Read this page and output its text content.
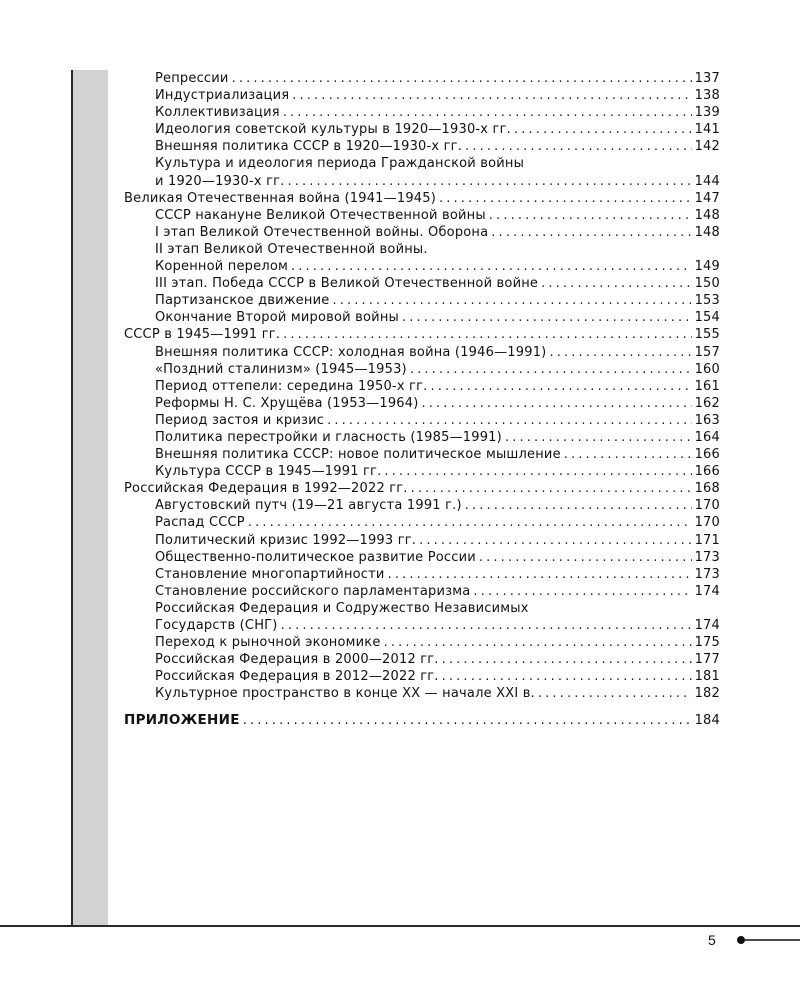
Репрессии . . .	137
Индустриализация . . .	138
Коллективизация . . .	139
Идеология советской культуры в 1920—1930-х гг. . . .	141
Внешняя политика СССР в 1920—1930-х гг. . . .	142
Культура и идеология периода Гражданской войны
и 1920—1930-х гг. . . .	144
Великая Отечественная война (1941—1945) . . .	147
СССР накануне Великой Отечественной войны . . .	148
I этап Великой Отечественной войны. Оборона . . .	148
II этап Великой Отечественной войны.
Коренной перелом . . .	149
III этап. Победа СССР в Великой Отечественной войне . . .	150
Партизанское движение . . .	153
Окончание Второй мировой войны . . .	154
СССР в 1945—1991 гг. . . .	155
Внешняя политика СССР: холодная война (1946—1991) . . .	157
«Поздний сталинизм» (1945—1953) . . .	160
Период оттепели: середина 1950-х гг. . . .	161
Реформы Н. С. Хрущёва (1953—1964) . . .	162
Период застоя и кризис . . .	163
Политика перестройки и гласность (1985—1991) . . .	164
Внешняя политика СССР: новое политическое мышление . . .	166
Культура СССР в 1945—1991 гг. . . .	166
Российская Федерация в 1992—2022 гг. . . .	168
Августовский путч (19—21 августа 1991 г.) . . .	170
Распад СССР . . .	170
Политический кризис 1992—1993 гг. . . .	171
Общественно-политическое развитие России . . .	173
Становление многопартийности . . .	173
Становление российского парламентаризма . . .	174
Российская Федерация и Содружество Независимых
Государств (СНГ) . . .	174
Переход к рыночной экономике . . .	175
Российская Федерация в 2000—2012 гг. . . .	177
Российская Федерация в 2012—2022 гг. . . .	181
Культурное пространство в конце XX — начале XXI в. . . .	182
ПРИЛОЖЕНИЕ . . .	184
5
